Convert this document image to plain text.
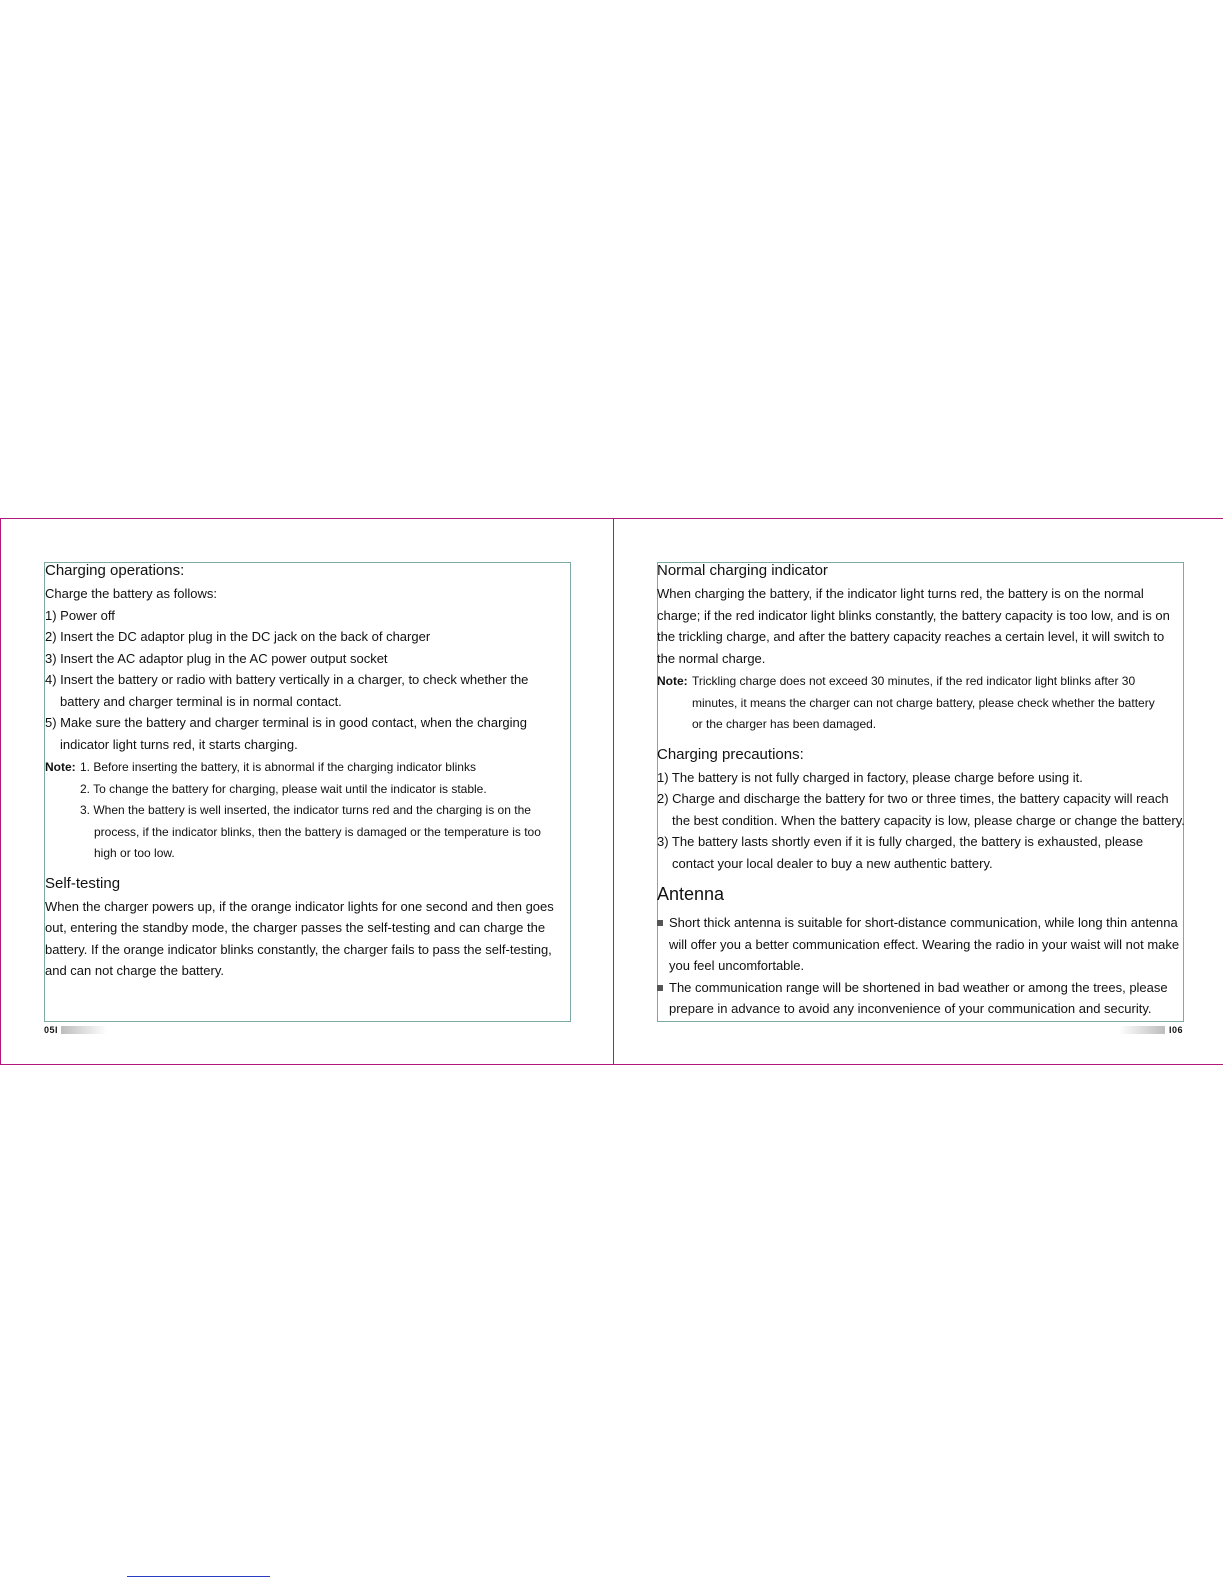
Charging operations:

Charge the battery as follows:

1) Power off

2) Insert the DC adaptor plug in the DC jack on the back of charger

3) Insert the AC adaptor plug in the AC power output socket

4) Insert the battery or radio with battery vertically in a charger, to check whether the

battery and charger terminal is in normal contact.

5) Make sure the battery and charger terminal is in good contact, when the charging

indicator light turns red, it starts charging.

Note: 1. Before inserting the battery, it is abnormal if the charging indicator blinks

2. To change the battery for charging, please wait until the indicator is stable.

3. When the battery is well inserted, the indicator turns red and the charging is on the

process, if the indicator blinks, then the battery is damaged or the temperature is too

high or too low.

Self-testing

When the charger powers up, if the orange indicator lights for one second and then goes

out, entering the standby mode, the charger passes the self-testing and can charge the

battery. If the orange indicator blinks constantly, the charger fails to pass the self-testing,

and can not charge the battery.

Normal charging indicator

When charging the battery, if the indicator light turns red, the battery is on the normal

charge; if the red indicator light blinks constantly, the battery capacity is too low, and is on

the trickling charge, and after the battery capacity reaches a certain level, it will switch to

the normal charge.

Note: Trickling charge does not exceed 30 minutes, if the red indicator light blinks after 30

minutes, it means the charger can not charge battery, please check whether the battery

or the charger has been damaged.

Charging precautions:

1) The battery is not fully charged in factory, please charge before using it.

2) Charge and discharge the battery for two or three times, the battery capacity will reach

the best condition. When the battery capacity is low, please charge or change the battery.

3) The battery lasts shortly even if it is fully charged, the battery is exhausted, please

contact your local dealer to buy a new authentic battery.

Antenna

Short thick antenna is suitable for short-distance communication, while long thin antenna

will offer you a better communication effect. Wearing the radio in your waist will not make

you feel uncomfortable.

The communication range will be shortened in bad weather or among the trees, please

prepare in advance to avoid any inconvenience of your communication and security.

05I	I06
